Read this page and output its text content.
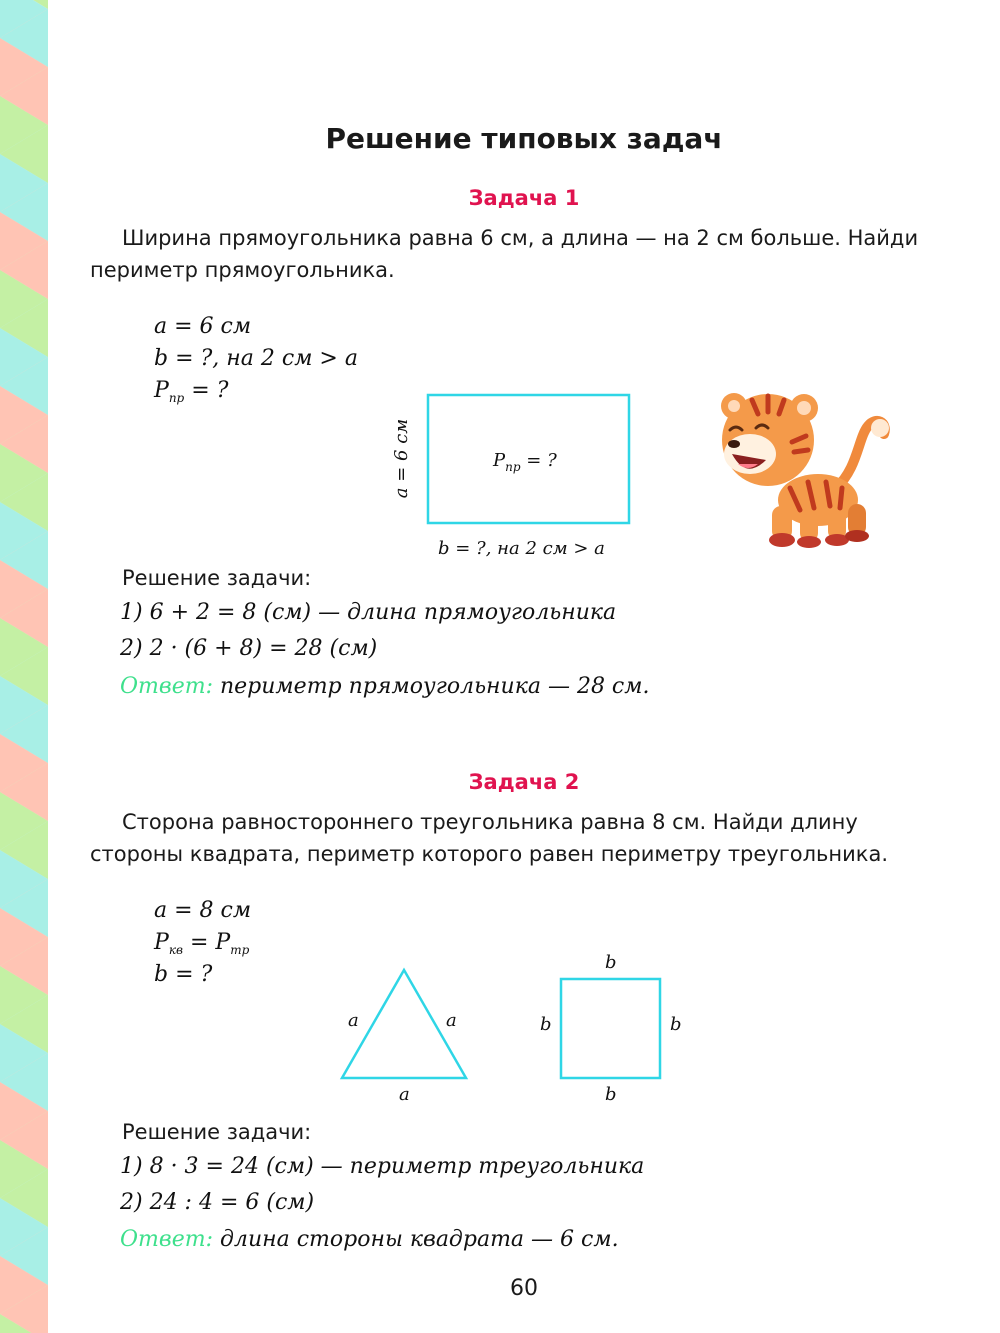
Решение типовых задач
Задача 1
Ширина прямоугольника равна 6 см, а длина — на 2 см больше. Найди периметр прямоугольника.
a = 6 см
b = ?, на 2 см > a
$P_{пр}$ = ?
$P_{пр}$ = ?
a = 6 см
b = ?, на 2 см > a
Решение задачи:
1) 6 + 2 = 8 (см) — длина прямоугольника
2) 2 · (6 + 8) = 28 (см)
Ответ: периметр прямоугольника — 28 см.
Задача 2
Сторона равностороннего треугольника равна 8 см. Найди длину стороны квадрата, периметр которого равен периметру треугольника.
a = 8 см
$P_{кв} = P_{тр}$
b = ?
a	a
a
b
b	b
b
Решение задачи:
1) 8 · 3 = 24 (см) — периметр треугольника
2) 24 : 4 = 6 (см)
Ответ: длина стороны квадрата — 6 см.
60
